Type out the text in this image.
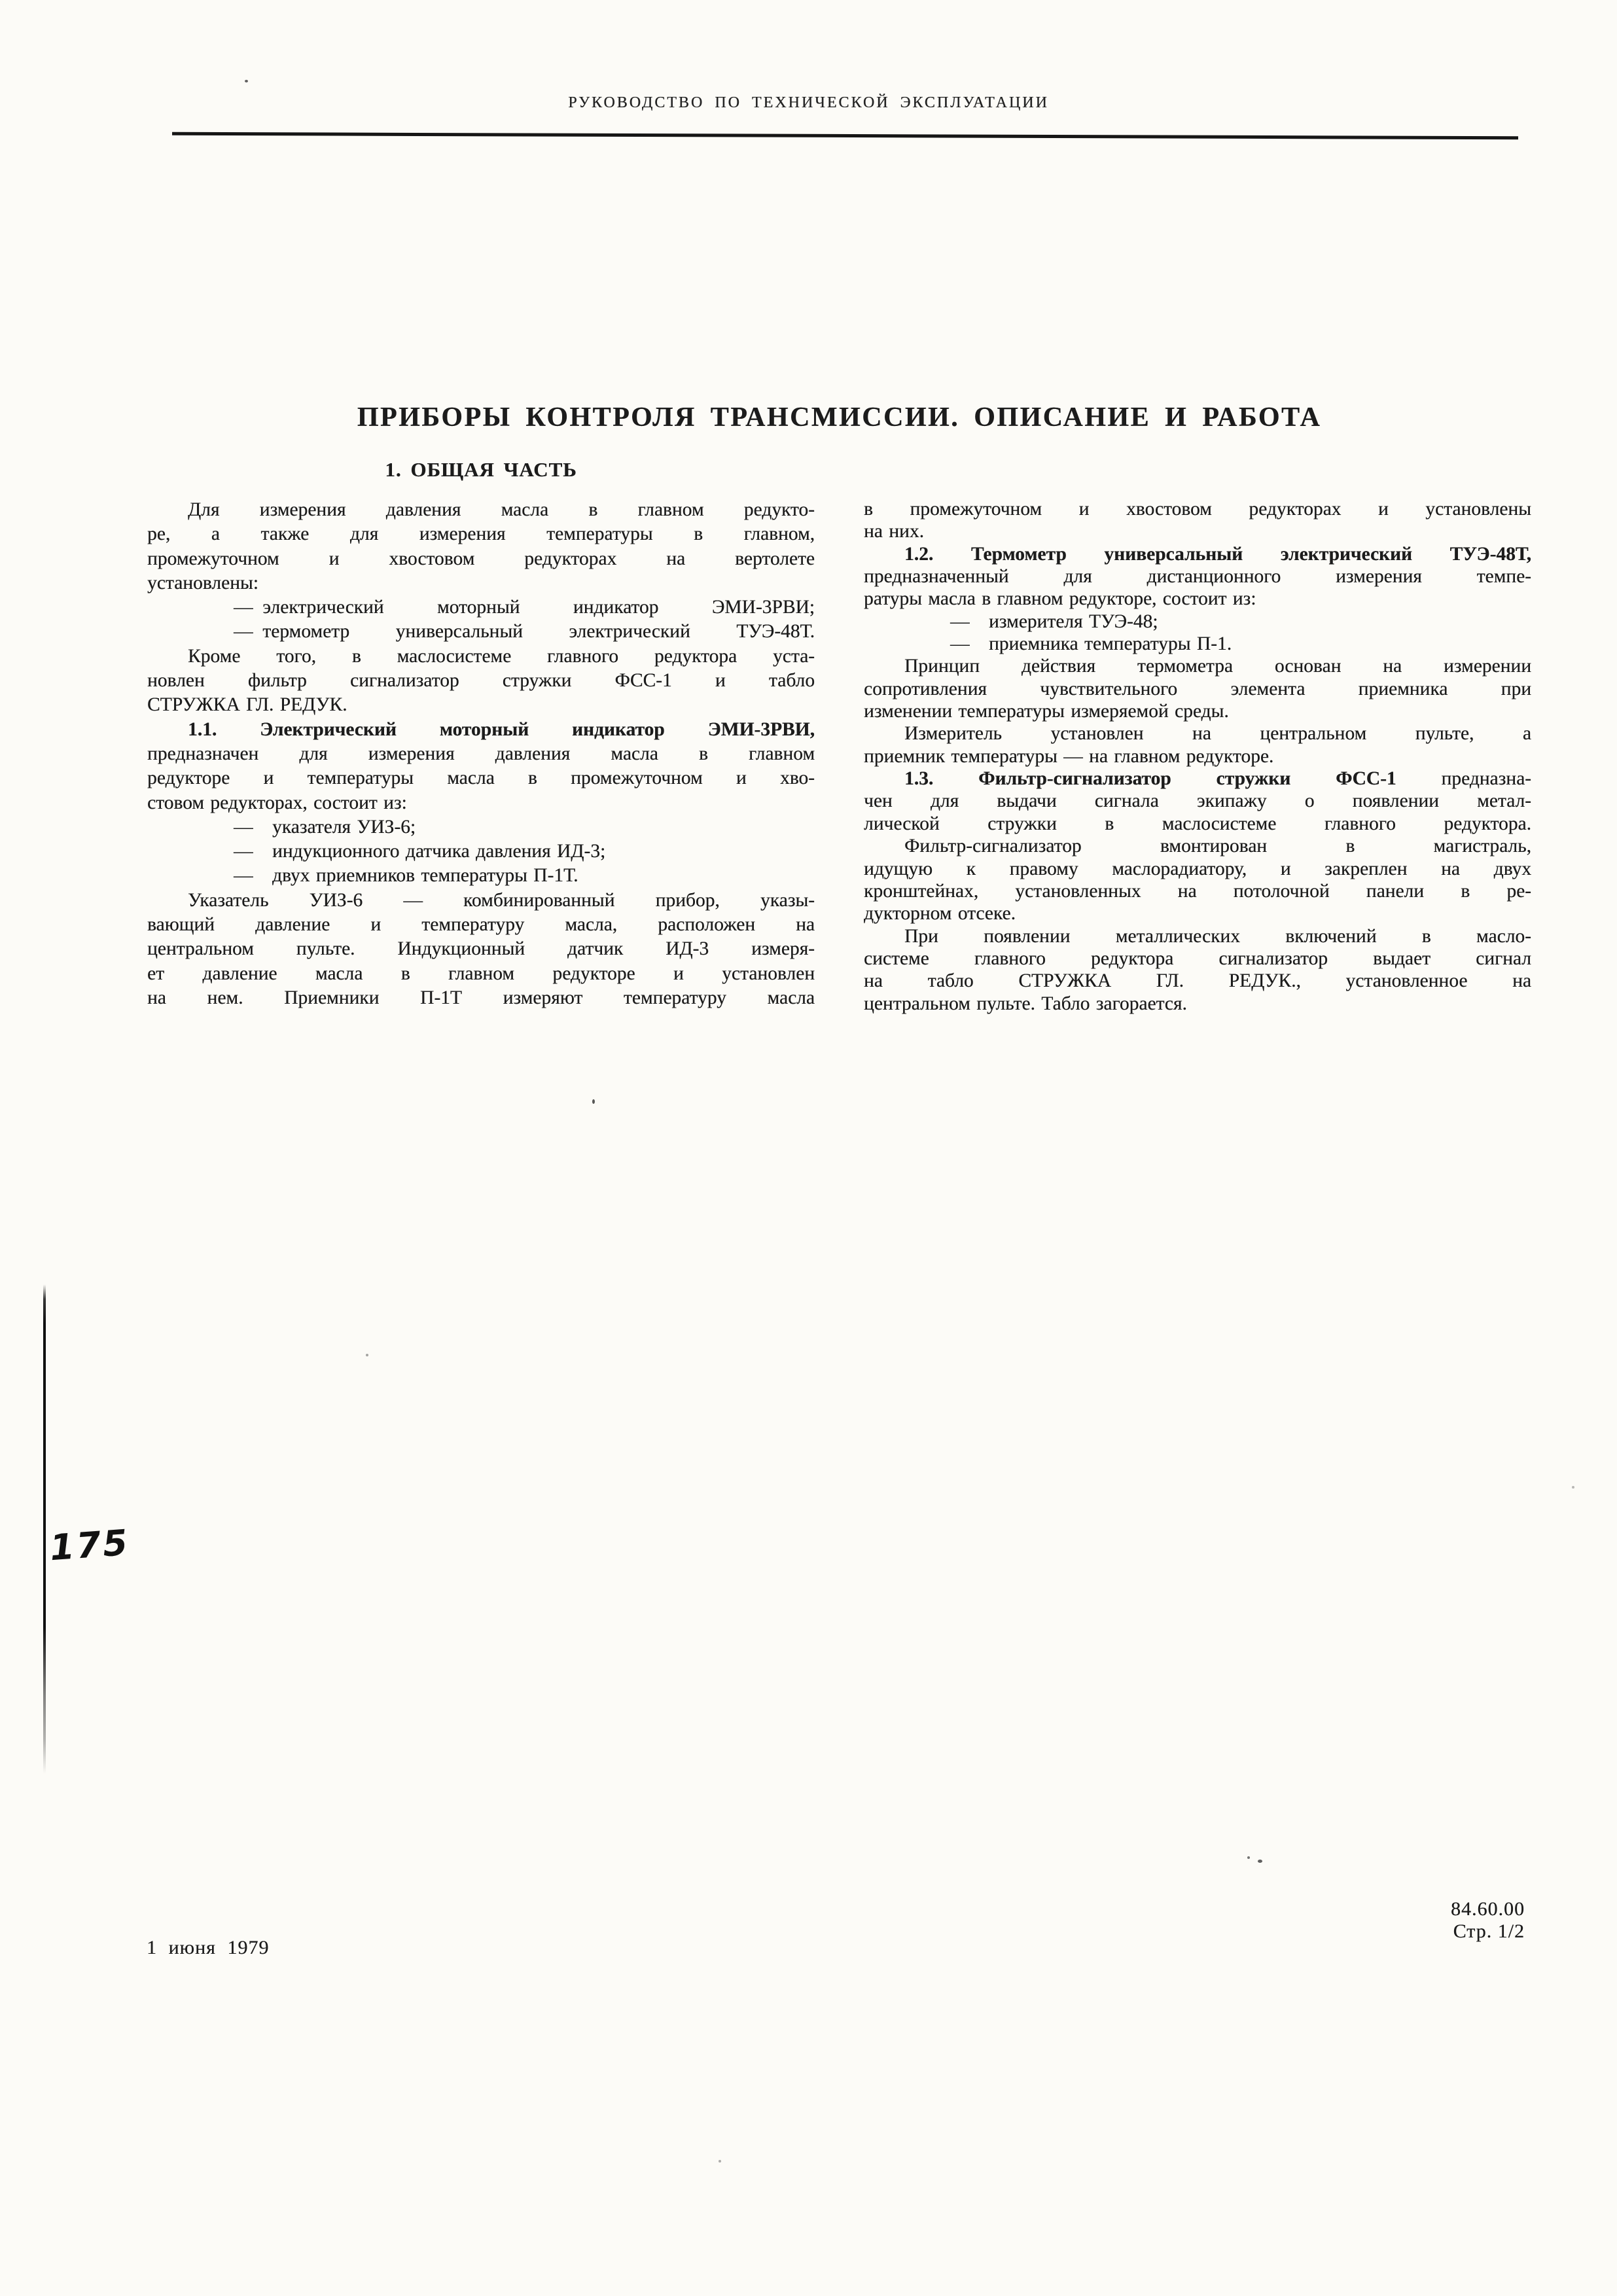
РУКОВОДСТВО ПО ТЕХНИЧЕСКОЙ ЭКСПЛУАТАЦИИ
ПРИБОРЫ КОНТРОЛЯ ТРАНСМИССИИ. ОПИСАНИЕ И РАБОТА
1. ОБЩАЯ ЧАСТЬ
Для измерения давления масла в главном редукто-
ре, а также для измерения температуры в главном,
промежуточном и хвостовом редукторах на вертолете
установлены:
— электрический моторный индикатор ЭМИ-3РВИ;
— термометр универсальный электрический ТУЭ-48Т.
Кроме того, в маслосистеме главного редуктора уста-
новлен фильтр сигнализатор стружки ФСС-1 и табло
СТРУЖКА ГЛ. РЕДУК.
1.1. Электрический моторный индикатор ЭМИ-3РВИ,
предназначен для измерения давления масла в главном
редукторе и температуры масла в промежуточном и хво-
стовом редукторах, состоит из:
— указателя УИЗ-6;
— индукционного датчика давления ИД-3;
— двух приемников температуры П-1Т.
Указатель УИЗ-6 — комбинированный прибор, указы-
вающий давление и температуру масла, расположен на
центральном пульте. Индукционный датчик ИД-3 измеря-
ет давление масла в главном редукторе и установлен
на нем. Приемники П-1Т измеряют температуру масла
в промежуточном и хвостовом редукторах и установлены
на них.
1.2. Термометр универсальный электрический ТУЭ-48Т,
предназначенный для дистанционного измерения темпе-
ратуры масла в главном редукторе, состоит из:
— измерителя ТУЭ-48;
— приемника температуры П-1.
Принцип действия термометра основан на измерении
сопротивления чувствительного элемента приемника при
изменении температуры измеряемой среды.
Измеритель установлен на центральном пульте, а
приемник температуры — на главном редукторе.
1.3. Фильтр-сигнализатор стружки ФСС-1 предназна-
чен для выдачи сигнала экипажу о появлении метал-
лической стружки в маслосистеме главного редуктора.
Фильтр-сигнализатор вмонтирован в магистраль,
идущую к правому маслорадиатору, и закреплен на двух
кронштейнах, установленных на потолочной панели в ре-
дукторном отсеке.
При появлении металлических включений в масло-
системе главного редуктора сигнализатор выдает сигнал
на табло СТРУЖКА ГЛ. РЕДУК., установленное на
центральном пульте. Табло загорается.
175
1 июня 1979
84.60.00
Стр. 1/2
